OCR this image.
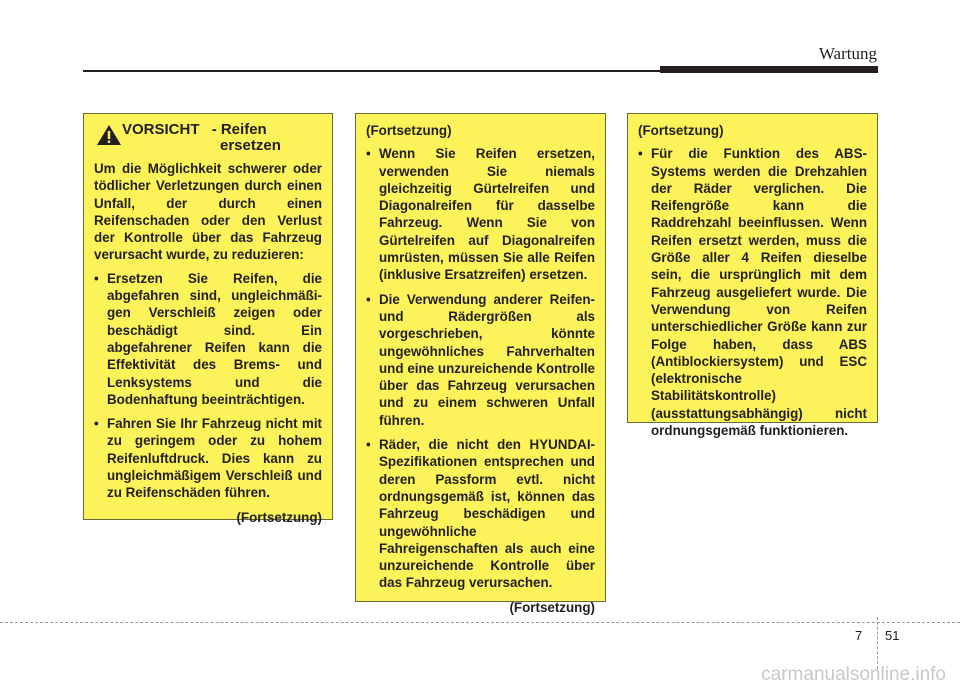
Wartung
VORSICHT - Reifen
ersetzen

Um die Möglichkeit schwerer oder tödlicher Verletzungen durch einen Unfall, der durch einen Reifenschaden oder den Verlust der Kontrolle über das Fahrzeug verursacht wurde, zu reduzieren:

• Ersetzen Sie Reifen, die abgefahren sind, ungleichmäßi-gen Verschleiß zeigen oder beschädigt sind. Ein abgefahrener Reifen kann die Effektivität des Brems- und Lenksystems und die Bodenhaftung beeinträchtigen.
• Fahren Sie Ihr Fahrzeug nicht mit zu geringem oder zu hohem Reifenluftdruck. Dies kann zu ungleichmäßigem Verschleiß und zu Reifenschäden führen.
(Fortsetzung)

(Fortsetzung)

• Wenn Sie Reifen ersetzen, verwenden Sie niemals gleichzeitig Gürtelreifen und Diagonalreifen für dasselbe Fahrzeug. Wenn Sie von Gürtelreifen auf Diagonalreifen umrüsten, müssen Sie alle Reifen (inklusive Ersatzreifen) ersetzen.
• Die Verwendung anderer Reifen- und Rädergrößen als vorgeschrieben, könnte ungewöhnliches Fahrverhalten und eine unzureichende Kontrolle über das Fahrzeug verursachen und zu einem schweren Unfall führen.
• Räder, die nicht den HYUNDAI-Spezifikationen entsprechen und deren Passform evtl. nicht ordnungsgemäß ist, können das Fahrzeug beschädigen und ungewöhnliche Fahreigenschaften als auch eine unzureichende Kontrolle über das Fahrzeug verursachen.
(Fortsetzung)

(Fortsetzung)

• Für die Funktion des ABS-Systems werden die Drehzahlen der Räder verglichen. Die Reifengröße kann die Raddrehzahl beeinflussen. Wenn Reifen ersetzt werden, muss die Größe aller 4 Reifen dieselbe sein, die ursprünglich mit dem Fahrzeug ausgeliefert wurde. Die Verwendung von Reifen unterschiedlicher Größe kann zur Folge haben, dass ABS (Antiblockiersystem) und ESC (elektronische Stabilitätskontrolle) (ausstattungsabhängig) nicht ordnungsgemäß funktionieren.
7 51
carmanualsonline.info
